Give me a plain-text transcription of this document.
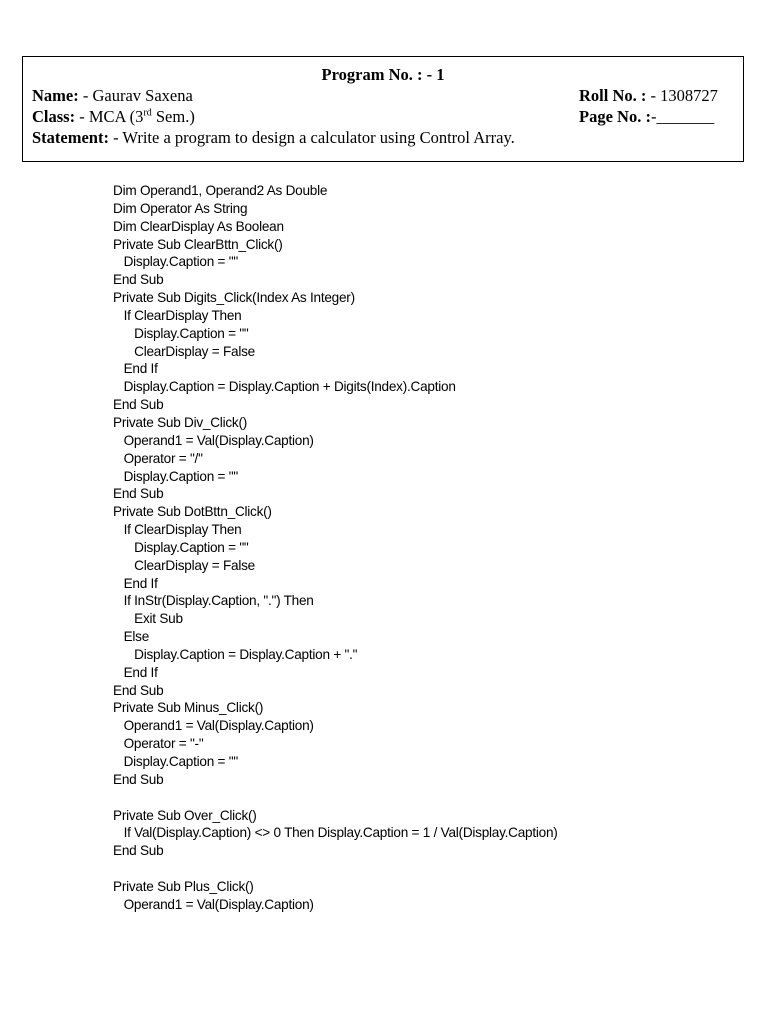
Program No. : - 1
Name: - Gaurav Saxena	Roll No. : - 1308727
Class: - MCA (3rd Sem.)	Page No. :-_______
Statement: - Write a program to design a calculator using Control Array.
Dim Operand1, Operand2 As Double
Dim Operator As String
Dim ClearDisplay As Boolean
Private Sub ClearBttn_Click()
Display.Caption = ""
End Sub
Private Sub Digits_Click(Index As Integer)
If ClearDisplay Then
Display.Caption = ""
ClearDisplay = False
End If
Display.Caption = Display.Caption + Digits(Index).Caption
End Sub
Private Sub Div_Click()
Operand1 = Val(Display.Caption)
Operator = "/"
Display.Caption = ""
End Sub
Private Sub DotBttn_Click()
If ClearDisplay Then
Display.Caption = ""
ClearDisplay = False
End If
If InStr(Display.Caption, ".") Then
Exit Sub
Else
Display.Caption = Display.Caption + "."
End If
End Sub
Private Sub Minus_Click()
Operand1 = Val(Display.Caption)
Operator = "-"
Display.Caption = ""
End Sub
Private Sub Over_Click()
If Val(Display.Caption) <> 0 Then Display.Caption = 1 / Val(Display.Caption)
End Sub
Private Sub Plus_Click()
Operand1 = Val(Display.Caption)
